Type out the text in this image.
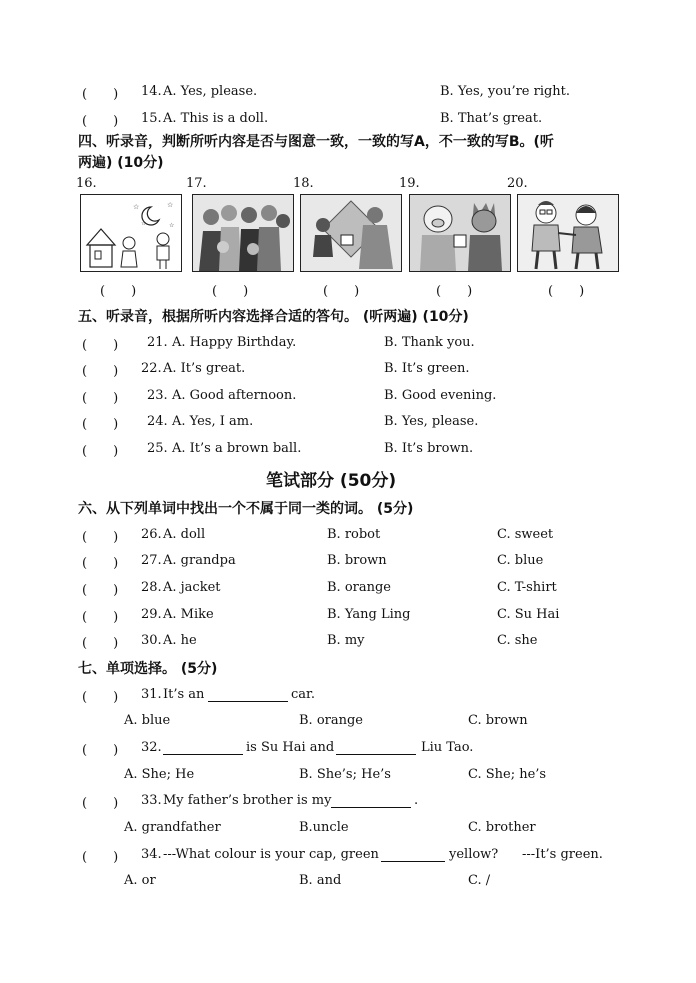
(　　) 14. A. Yes, please.	B. Yes, you’re right.
(　　) 15. A. This is a doll.	B. That’s great.
四、听录音，判断所听内容是否与图意一致，一致的写A，不一致的写B。(听
两遍) (10分)
16.	17.	18.	19.	20.
☆	☆
☆	☆
(　　)	(　　)	(　　)	(　　)	(　　)
五、听录音，根据所听内容选择合适的答句。 (听两遍) (10分)
(　　) 21. A. Happy Birthday.	B. Thank you.
(　　) 22. A. It’s great.	B. It’s green.
(　　) 23. A. Good afternoon.	B. Good evening.
(　　) 24. A. Yes, I am.	B. Yes, please.
(　　) 25. A. It’s a brown ball.	B. It’s brown.
笔试部分 (50分)
六、从下列单词中找出一个不属于同一类的词。 (5分)
(　　) 26. A. doll	B. robot	C. sweet
(　　) 27. A. grandpa	B. brown	C. blue
(　　) 28. A. jacket	B. orange	C. T-shirt
(　　) 29. A. Mike	B. Yang Ling	C. Su Hai
(　　) 30. A. he	B. my	C. she
七、单项选择。 (5分)
(　　) 31. It’s an	car.
A. blue	B. orange	C. brown
(　　) 32.	is Su Hai and	Liu Tao.
A. She; He	B. She’s; He’s	C. She; he’s
(　　) 33. My father’s brother is my	.
A. grandfather	B.uncle	C. brother
(　　) 34. ---What colour is your cap, green	yellow? ---It’s green.
A. or	B. and	C. /
